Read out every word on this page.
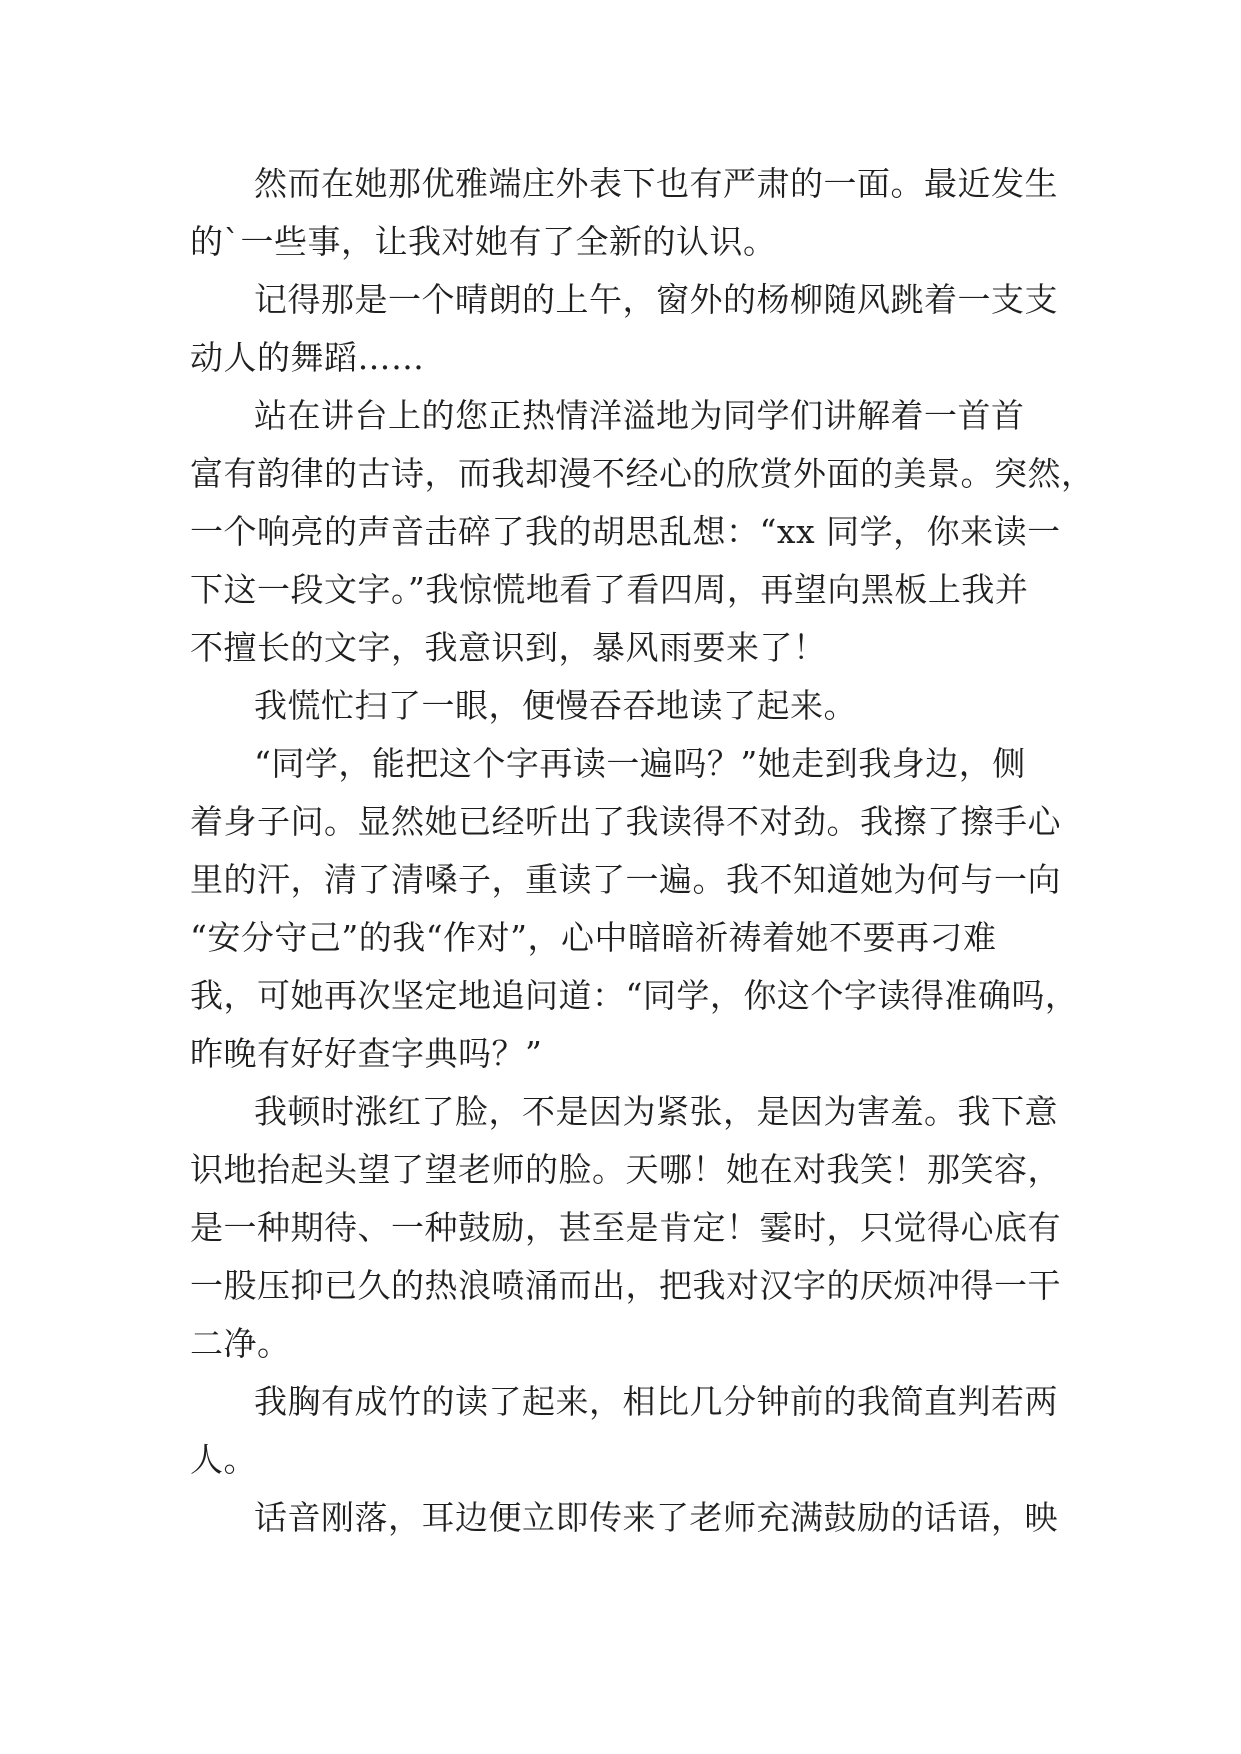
然而在她那优雅端庄外表下也有严肃的一面。最近发生

的`一些事，让我对她有了全新的认识。

记得那是一个晴朗的上午，窗外的杨柳随风跳着一支支

动人的舞蹈……

站在讲台上的您正热情洋溢地为同学们讲解着一首首

富有韵律的古诗，而我却漫不经心的欣赏外面的美景。突然，

一个响亮的声音击碎了我的胡思乱想：“xx 同学，你来读一

下这一段文字。”我惊慌地看了看四周，再望向黑板上我并

不擅长的文字，我意识到，暴风雨要来了！

我慌忙扫了一眼，便慢吞吞地读了起来。

“同学，能把这个字再读一遍吗？”她走到我身边，侧

着身子问。显然她已经听出了我读得不对劲。我擦了擦手心

里的汗，清了清嗓子，重读了一遍。我不知道她为何与一向

“安分守己”的我“作对”，心中暗暗祈祷着她不要再刁难

我，可她再次坚定地追问道：“同学，你这个字读得准确吗，

昨晚有好好查字典吗？”

我顿时涨红了脸，不是因为紧张，是因为害羞。我下意

识地抬起头望了望老师的脸。天哪！她在对我笑！那笑容，

是一种期待、一种鼓励，甚至是肯定！霎时，只觉得心底有

一股压抑已久的热浪喷涌而出，把我对汉字的厌烦冲得一干

二净。

我胸有成竹的读了起来，相比几分钟前的我简直判若两

人。

话音刚落，耳边便立即传来了老师充满鼓励的话语，映
